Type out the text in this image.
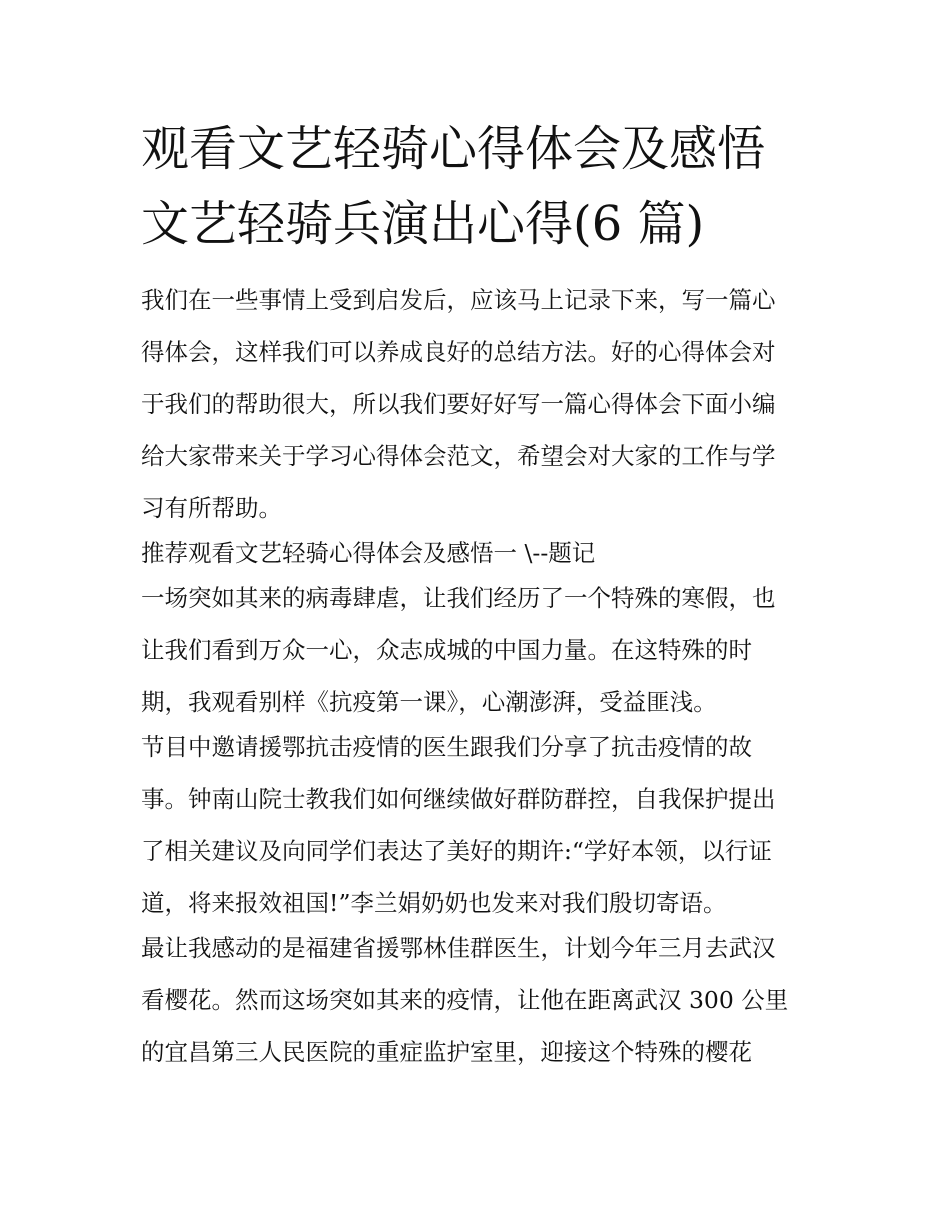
观看文艺轻骑心得体会及感悟
文艺轻骑兵演出心得(6 篇)

我们在一些事情上受到启发后，应该马上记录下来，写一篇心
得体会，这样我们可以养成良好的总结方法。好的心得体会对
于我们的帮助很大，所以我们要好好写一篇心得体会下面小编
给大家带来关于学习心得体会范文，希望会对大家的工作与学
习有所帮助。

推荐观看文艺轻骑心得体会及感悟一 \--题记

一场突如其来的病毒肆虐，让我们经历了一个特殊的寒假，也
让我们看到万众一心，众志成城的中国力量。在这特殊的时
期，我观看别样《抗疫第一课》，心潮澎湃，受益匪浅。

节目中邀请援鄂抗击疫情的医生跟我们分享了抗击疫情的故
事。钟南山院士教我们如何继续做好群防群控，自我保护提出
了相关建议及向同学们表达了美好的期许:“学好本领，以行证
道，将来报效祖国!”李兰娟奶奶也发来对我们殷切寄语。

最让我感动的是福建省援鄂林佳群医生，计划今年三月去武汉
看樱花。然而这场突如其来的疫情，让他在距离武汉 300 公里
的宜昌第三人民医院的重症监护室里，迎接这个特殊的樱花
